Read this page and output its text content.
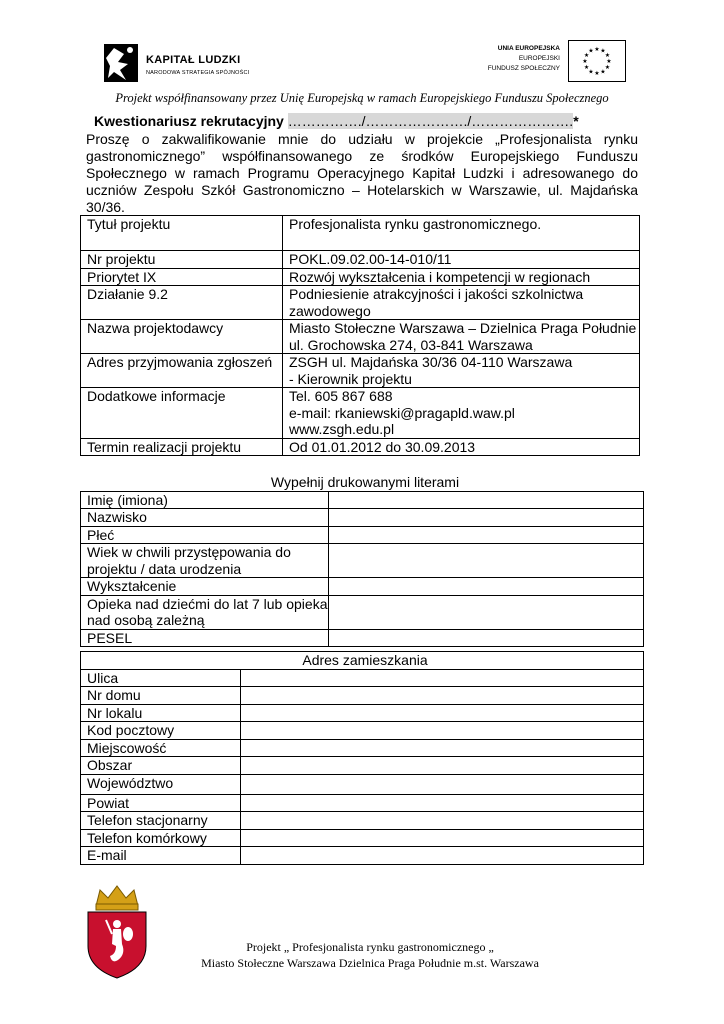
KAPITAŁ LUDZKI
NARODOWA STRATEGIA SPÓJNOŚCI
UNIA EUROPEJSKA
EUROPEJSKI
FUNDUSZ SPOŁECZNY
★
★
★
★
★
★
★
★
★ ★ ★
★
Projekt współfinansowany przez Unię Europejską w ramach Europejskiego Funduszu Społecznego
Kwestionariusz rekrutacyjny ……………./…………………./………………….*
Proszę o zakwalifikowanie mnie do udziału w projekcie „Profesjonalista rynku gastronomicznego” współfinansowanego ze środków Europejskiego Funduszu Społecznego w ramach Programu Operacyjnego Kapitał Ludzki i adresowanego do uczniów Zespołu Szkół Gastronomiczno – Hotelarskich w Warszawie, ul. Majdańska 30/36.
Tytuł projektu	Profesjonalista rynku gastronomicznego.
Nr projektu	POKL.09.02.00-14-010/11
Priorytet IX	Rozwój wykształcenia i kompetencji w regionach
Działanie 9.2	Podniesienie atrakcyjności i jakości szkolnictwa zawodowego
Nazwa projektodawcy	Miasto Stołeczne Warszawa – Dzielnica Praga Południe
ul. Grochowska 274, 03-841 Warszawa

Adres przyjmowania zgłoszeń	ZSGH ul. Majdańska 30/36 04-110 Warszawa
- Kierownik projektu

Dodatkowe informacje	Tel. 605 867 688
e-mail: rkaniewski@pragapld.waw.pl
www.zsgh.edu.pl

Termin realizacji projektu	Od 01.01.2012 do 30.09.2013
Wypełnij drukowanymi literami	
Imię (imiona)	
Nazwisko	
Płeć	
Wiek w chwili przystępowania do projektu / data urodzenia	
Wykształcenie	
Opieka nad dziećmi do lat 7 lub opieka nad osobą zależną	
PESEL	
Adres zamieszkania	
Ulica	
Nr domu	
Nr lokalu	
Kod pocztowy	
Miejscowość	
Obszar	
Województwo	
Powiat	
Telefon stacjonarny	
Telefon komórkowy	
E-mail	
Projekt „ Profesjonalista rynku gastronomicznego „
Miasto Stołeczne Warszawa Dzielnica Praga Południe m.st. Warszawa
